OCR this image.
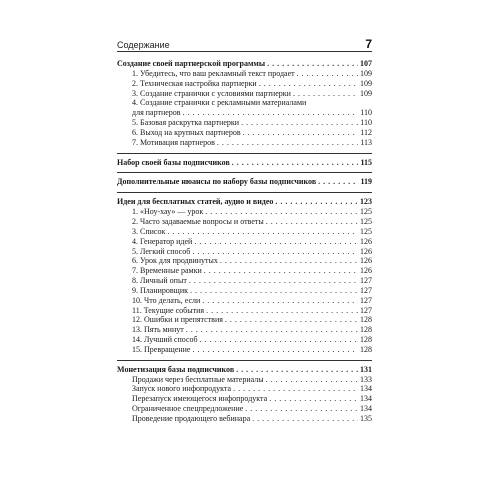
Содержание	7
Создание своей партнерской программы . . .	107
1. Убедитесь, что ваш рекламный текст продает . . .	109
2. Техническая настройка партнерки . . .	109
3. Создание странички с условиями партнерки . . .	109
4. Создание странички с рекламными материалами
для партнеров . . .	110
5. Базовая раскрутка партнерки . . .	110
6. Выход на крупных партнеров . . .	112
7. Мотивация партнеров . . .	113
Набор своей базы подписчиков . . .	115
Дополнительные нюансы по набору базы подписчиков . . .	119
Идеи для бесплатных статей, аудио и видео . . .	123
1. «Ноу-хау» — урок . . .	125
2. Часто задаваемые вопросы и ответы . . .	125
3. Список . . .	125
4. Генератор идей . . .	126
5. Легкий способ . . .	126
6. Урок для продвинутых . . .	126
7. Временные рамки . . .	126
8. Личный опыт . . .	127
9. Планировщик . . .	127
10. Что делать, если . . .	127
11. Текущие события . . .	127
12. Ошибки и препятствия . . .	128
13. Пять минут . . .	128
14. Лучший способ . . .	128
15. Превращение . . .	128
Монетизация базы подписчиков . . .	131
Продажи через бесплатные материалы . . .	133
Запуск нового инфопродукта . . .	134
Перезапуск имеющегося инфопродукта . . .	134
Ограниченное спецпредложение . . .	134
Проведение продающего вебинара . . .	135
